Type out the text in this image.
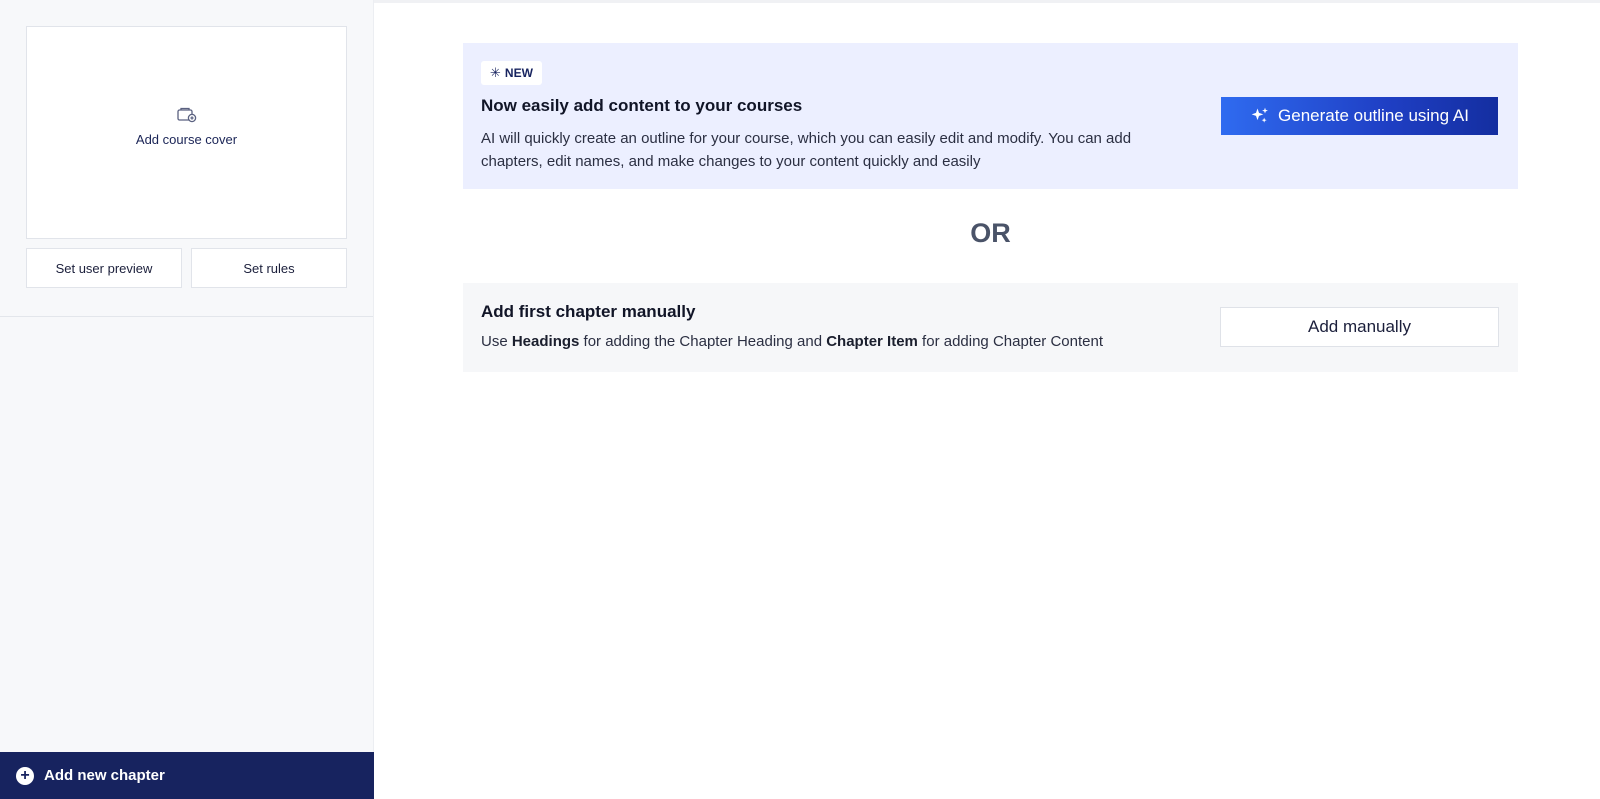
Add course cover
Set user preview	Set rules
+ Add new chapter
✳ NEW
Now easily add content to your courses

AI will quickly create an outline for your course, which you can easily edit and modify. You can add chapters, edit names, and make changes to your content quickly and easily

Generate outline using AI
OR
Add first chapter manually

Use Headings for adding the Chapter Heading and Chapter Item for adding Chapter Content

Add manually
